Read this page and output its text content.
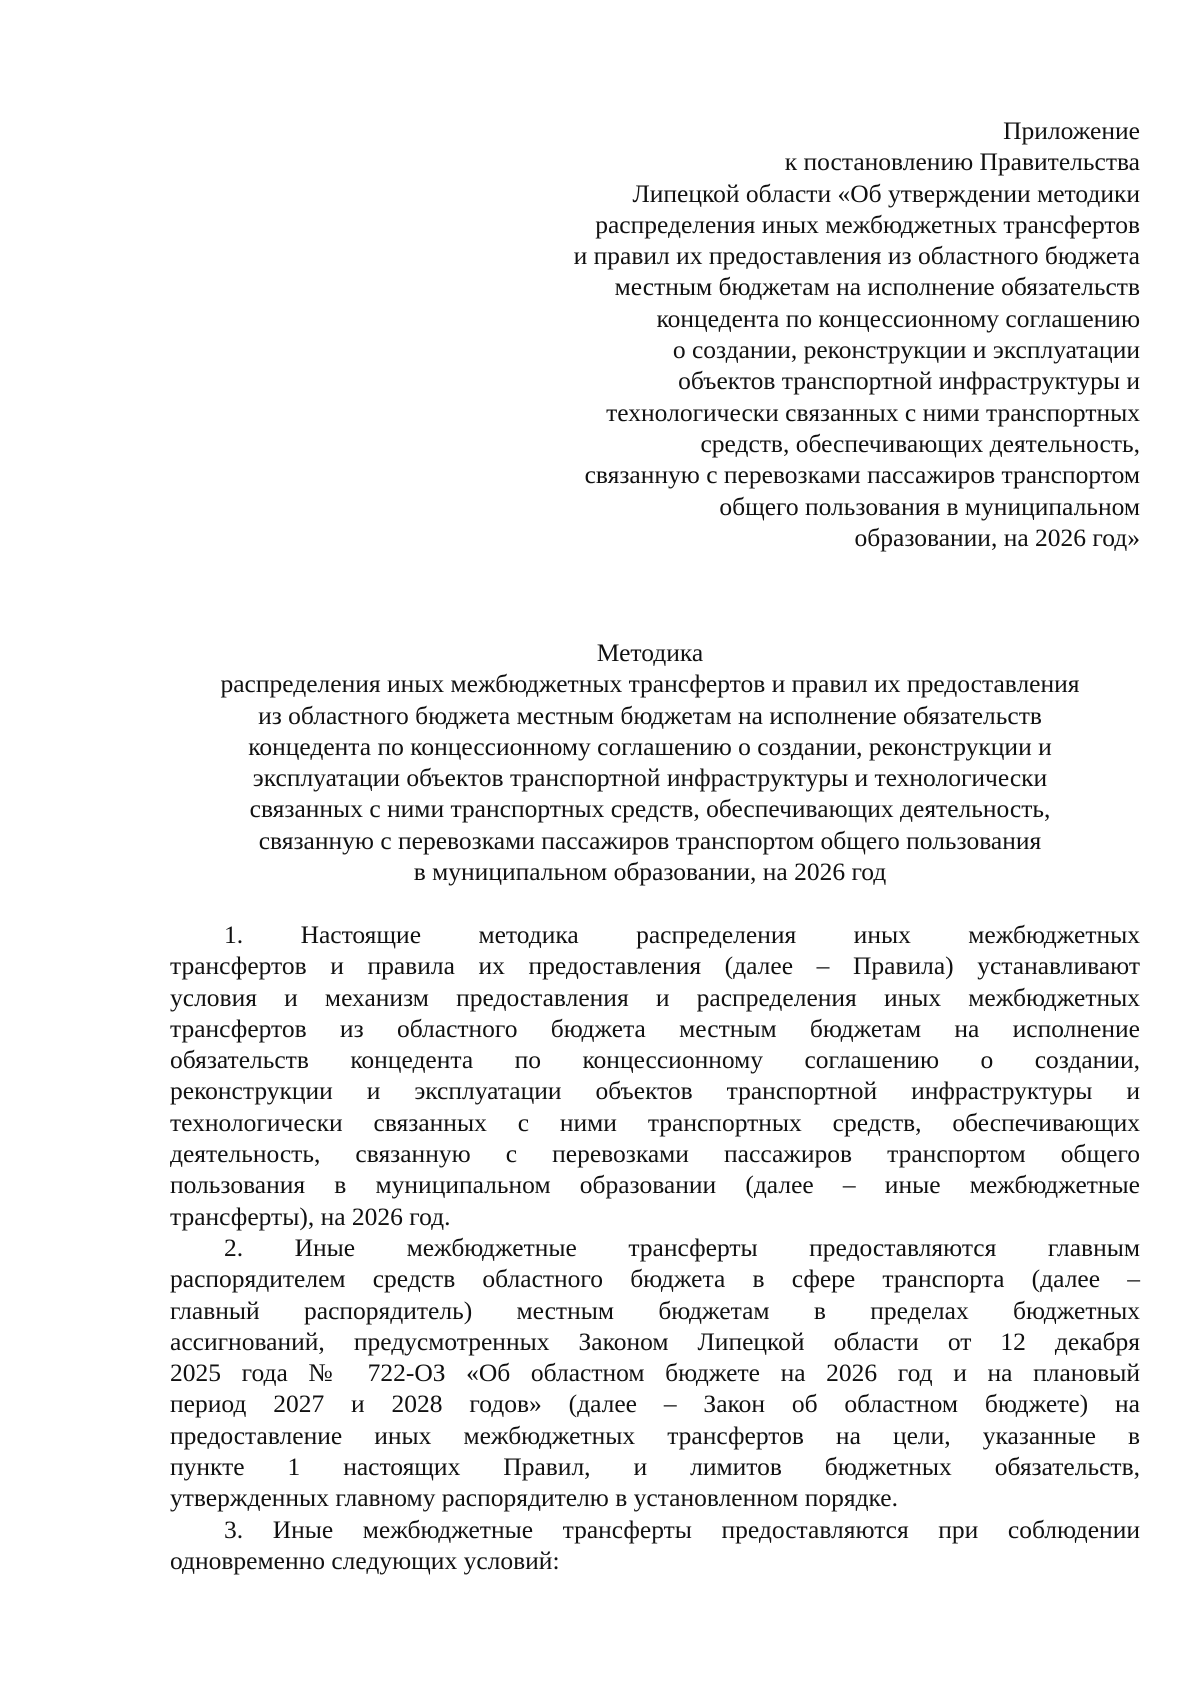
Приложение
к постановлению Правительства
Липецкой области «Об утверждении методики
распределения иных межбюджетных трансфертов
и правил их предоставления из областного бюджета
местным бюджетам на исполнение обязательств
концедента по концессионному соглашению
о создании, реконструкции и эксплуатации
объектов транспортной инфраструктуры и
технологически связанных с ними транспортных
средств, обеспечивающих деятельность,
связанную с перевозками пассажиров транспортом
общего пользования в муниципальном
образовании, на 2026 год»
Методика
распределения иных межбюджетных трансфертов и правил их предоставления
из областного бюджета местным бюджетам на исполнение обязательств
концедента по концессионному соглашению о создании, реконструкции и
эксплуатации объектов транспортной инфраструктуры и технологически
связанных с ними транспортных средств, обеспечивающих деятельность,
связанную с перевозками пассажиров транспортом общего пользования
в муниципальном образовании, на 2026 год
1. Настоящие методика распределения иных межбюджетных
трансфертов и правила их предоставления (далее – Правила) устанавливают
условия и механизм предоставления и распределения иных межбюджетных
трансфертов из областного бюджета местным бюджетам на исполнение
обязательств концедента по концессионному соглашению о создании,
реконструкции и эксплуатации объектов транспортной инфраструктуры и
технологически связанных с ними транспортных средств, обеспечивающих
деятельность, связанную с перевозками пассажиров транспортом общего
пользования в муниципальном образовании (далее – иные межбюджетные
трансферты), на 2026 год.
2. Иные межбюджетные трансферты предоставляются главным
распорядителем средств областного бюджета в сфере транспорта (далее –
главный распорядитель) местным бюджетам в пределах бюджетных
ассигнований, предусмотренных Законом Липецкой области от 12 декабря
2025 года № 722-ОЗ «Об областном бюджете на 2026 год и на плановый
период 2027 и 2028 годов» (далее – Закон об областном бюджете) на
предоставление иных межбюджетных трансфертов на цели, указанные в
пункте 1 настоящих Правил, и лимитов бюджетных обязательств,
утвержденных главному распорядителю в установленном порядке.
3. Иные межбюджетные трансферты предоставляются при соблюдении
одновременно следующих условий:
